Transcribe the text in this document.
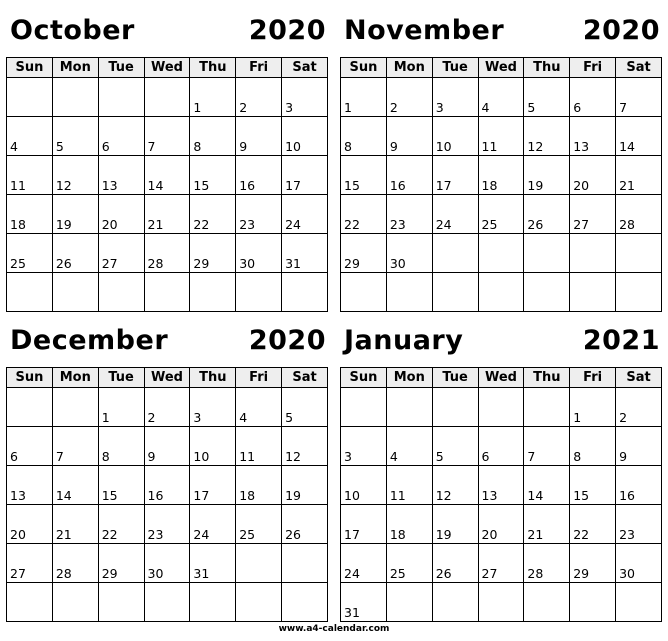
October	2020
Sun	Mon	Tue	Wed	Thu	Fri	Sat

				1	2	3

4	5	6	7	8	9	10

11	12	13	14	15	16	17

18	19	20	21	22	23	24

25	26	27	28	29	30	31

November	2020
Sun	Mon	Tue	Wed	Thu	Fri	Sat

1	2	3	4	5	6	7

8	9	10	11	12	13	14

15	16	17	18	19	20	21

22	23	24	25	26	27	28

29	30					

December	2020
Sun	Mon	Tue	Wed	Thu	Fri	Sat

		1	2	3	4	5

6	7	8	9	10	11	12

13	14	15	16	17	18	19

20	21	22	23	24	25	26

27	28	29	30	31		

January	2021
Sun	Mon	Tue	Wed	Thu	Fri	Sat

					1	2

3	4	5	6	7	8	9

10	11	12	13	14	15	16

17	18	19	20	21	22	23

24	25	26	27	28	29	30

31						

www.a4-calendar.com
